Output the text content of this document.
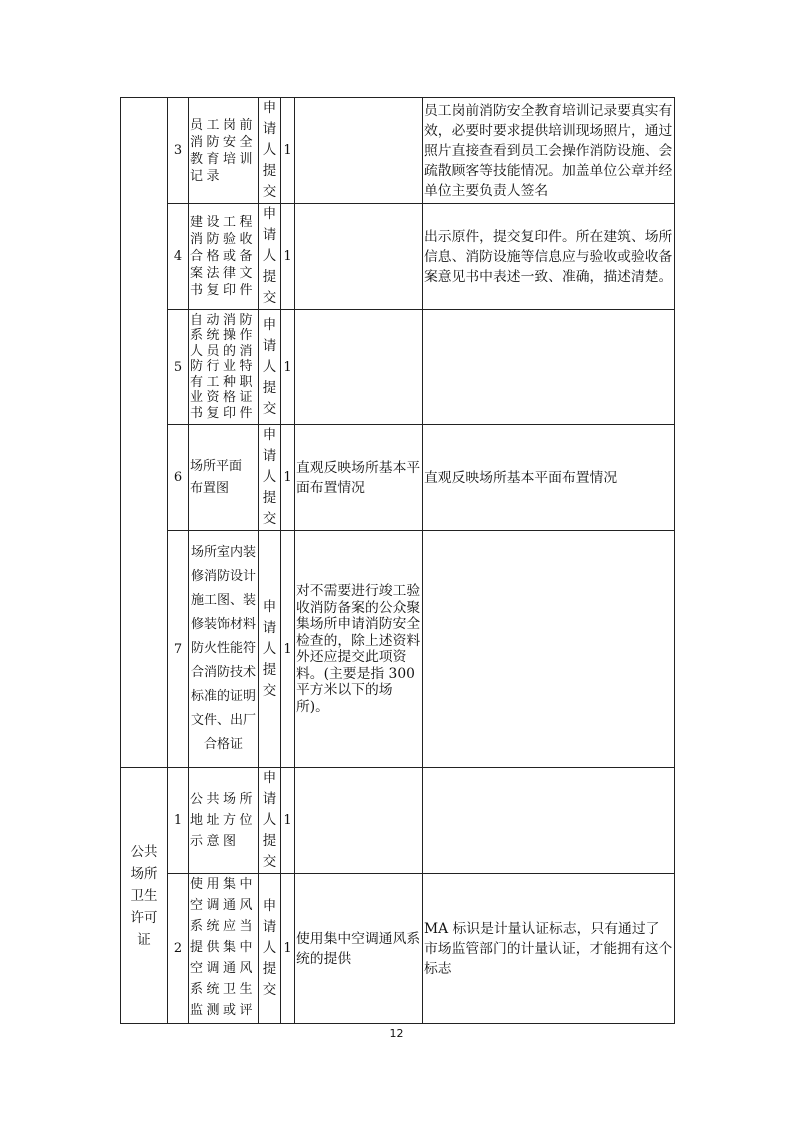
	3	员工岗前消防安全教育培训记录	申请人提交	1		员工岗前消防安全教育培训记录要真实有效，必要时要求提供培训现场照片，通过照片直接查看到员工会操作消防设施、会疏散顾客等技能情况。加盖单位公章并经单位主要负责人签名
	4	建设工程消防验收合格或备案法律文书复印件	申请人提交	1		出示原件，提交复印件。所在建筑、场所信息、消防设施等信息应与验收或验收备案意见书中表述一致、准确，描述清楚。
	5	自动消防系统操作人员的消防行业特有工种职业资格证书复印件	申请人提交	1		
	6	场所平面布置图	申请人提交	1	直观反映场所基本平面布置情况	直观反映场所基本平面布置情况
	7	场所室内装修消防设计施工图、装修装饰材料防火性能符合消防技术标准的证明文件、出厂合格证	申请人提交	1	对不需要进行竣工验收消防备案的公众聚集场所申请消防安全检查的，除上述资料外还应提交此项资料。(主要是指 300 平方米以下的场所)。	
公共场所卫生许可证	1	公共场所地址方位示意图	申请人提交	1		
	2	使用集中空调通风系统应当提供集中空调通风系统卫生监测或评	申请人提交	1	使用集中空调通风系统的提供	MA 标识是计量认证标志，只有通过了市场监管部门的计量认证，才能拥有这个标志
12
